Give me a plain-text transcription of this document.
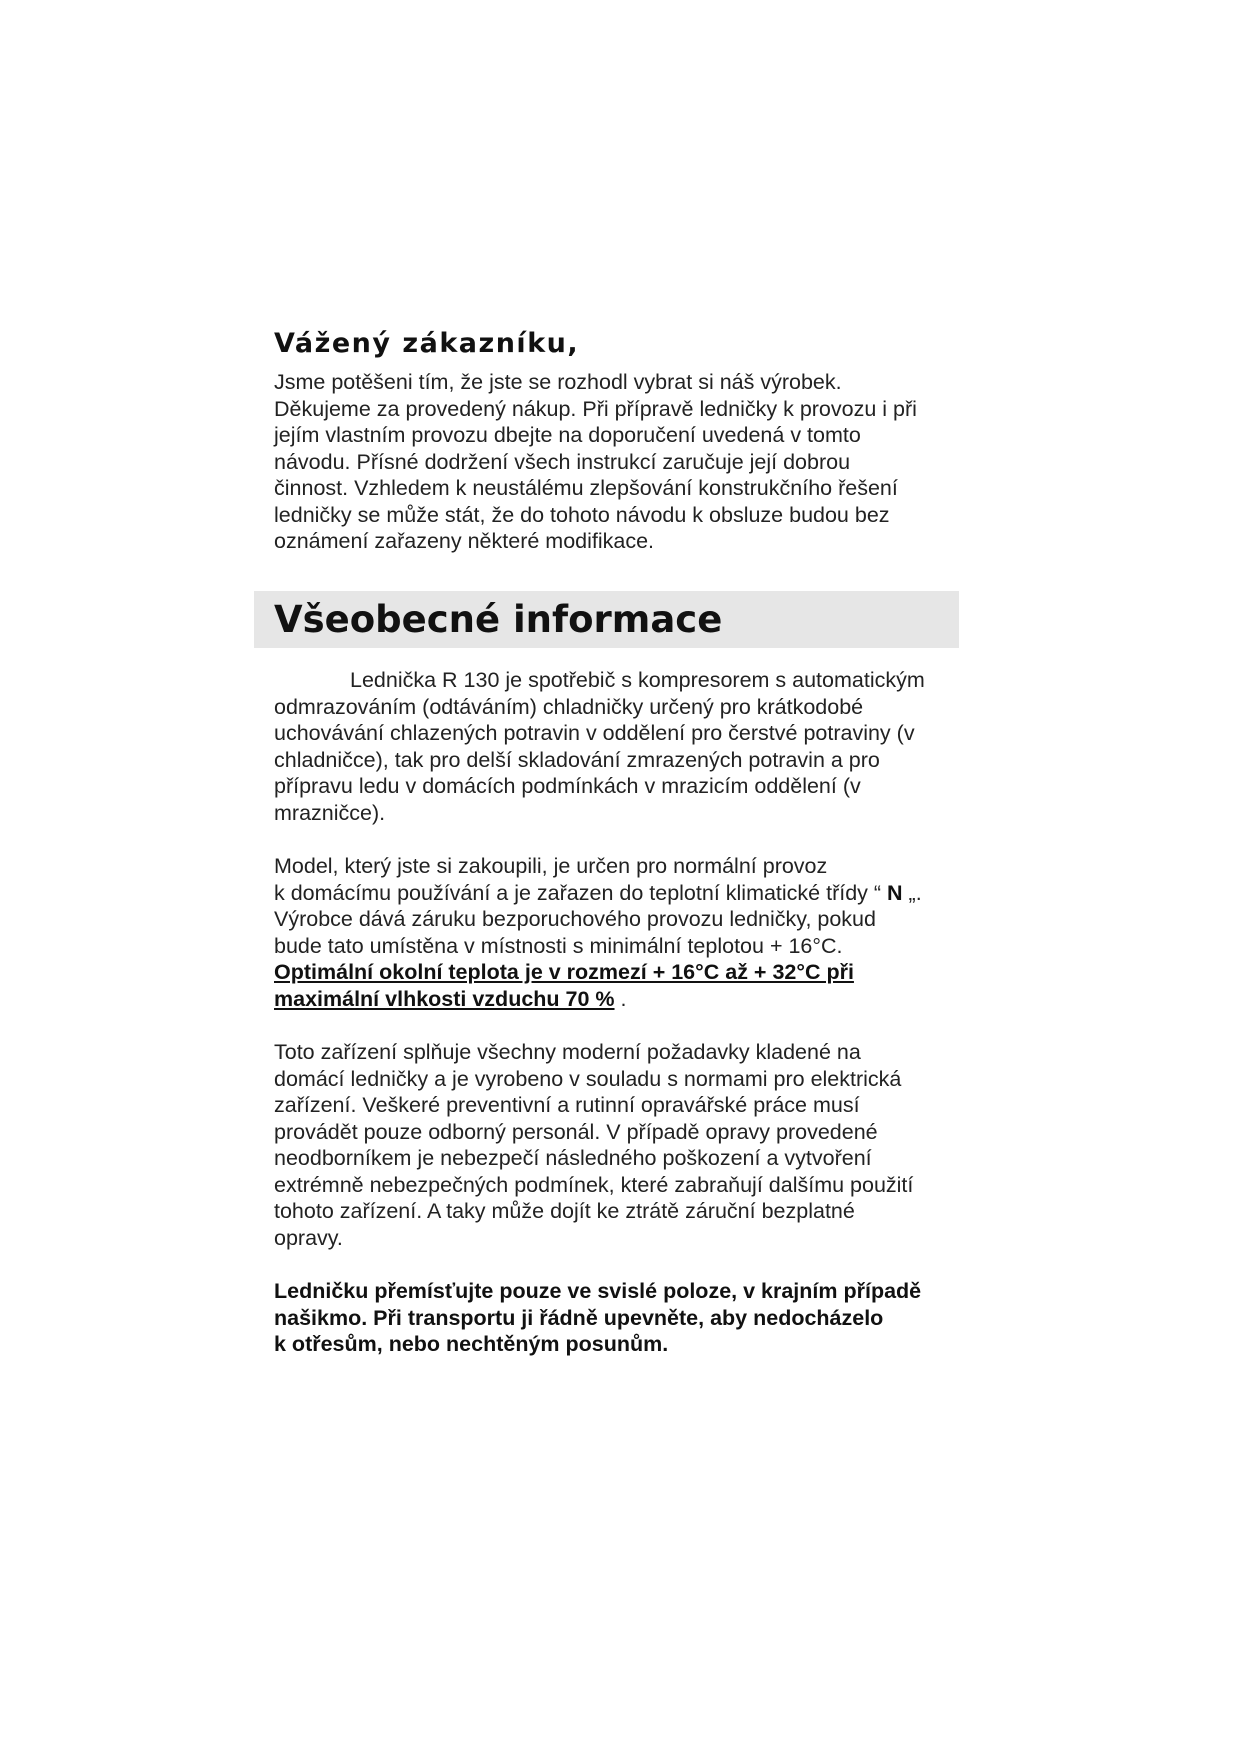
Vážený zákazníku,

Jsme potěšeni tím, že jste se rozhodl vybrat si náš výrobek.
Děkujeme za provedený nákup. Při přípravě ledničky k provozu i při
jejím vlastním provozu dbejte na doporučení uvedená v tomto
návodu. Přísné dodržení všech instrukcí zaručuje její dobrou
činnost. Vzhledem k neustálému zlepšování konstrukčního řešení
ledničky se může stát, že do tohoto návodu k obsluze budou bez
oznámení zařazeny některé modifikace.

Všeobecné informace

Lednička R 130 je spotřebič s kompresorem s automatickým
odmrazováním (odtáváním) chladničky určený pro krátkodobé
uchovávání chlazených potravin v oddělení pro čerstvé potraviny (v
chladničce), tak pro delší skladování zmrazených potravin a pro
přípravu ledu v domácích podmínkách v mrazicím oddělení (v
mrazničce).

Model, který jste si zakoupili, je určen pro normální provoz
k domácímu používání a je zařazen do teplotní klimatické třídy “ N „.
Výrobce dává záruku bezporuchového provozu ledničky, pokud
bude tato umístěna v místnosti s minimální teplotou + 16°C.
Optimální okolní teplota je v rozmezí + 16°C až + 32°C při
maximální vlhkosti vzduchu 70 % .

Toto zařízení splňuje všechny moderní požadavky kladené na
domácí ledničky a je vyrobeno v souladu s normami pro elektrická
zařízení. Veškeré preventivní a rutinní opravářské práce musí
provádět pouze odborný personál. V případě opravy provedené
neodborníkem je nebezpečí následného poškození a vytvoření
extrémně nebezpečných podmínek, které zabraňují dalšímu použití
tohoto zařízení. A taky může dojít ke ztrátě záruční bezplatné
opravy.

Ledničku přemísťujte pouze ve svislé poloze, v krajním případě
našikmo. Při transportu ji řádně upevněte, aby nedocházelo
k otřesům, nebo nechtěným posunům.
